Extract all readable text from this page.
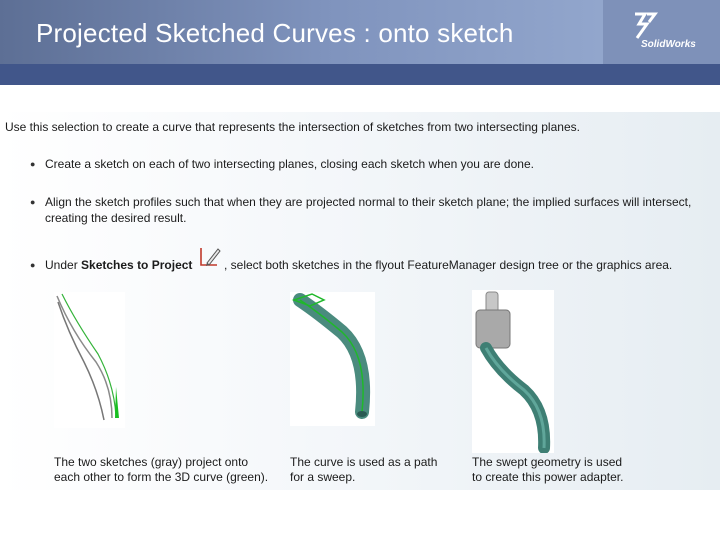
Projected Sketched Curves : onto sketch	SolidWorks
Use this selection to create a curve that represents the intersection of sketches from two intersecting planes.
● Create a sketch on each of two intersecting planes, closing each sketch when you are done.
● Align the sketch profiles such that when they are projected normal to their sketch plane; the implied surfaces will intersect,
creating the desired result.
● Under Sketches to Project	, select both sketches in the flyout FeatureManager design tree or the graphics area.
The two sketches (gray) project onto
each other to form the 3D curve (green).
The curve is used as a path
for a sweep.
The swept geometry is used
to create this power adapter.
